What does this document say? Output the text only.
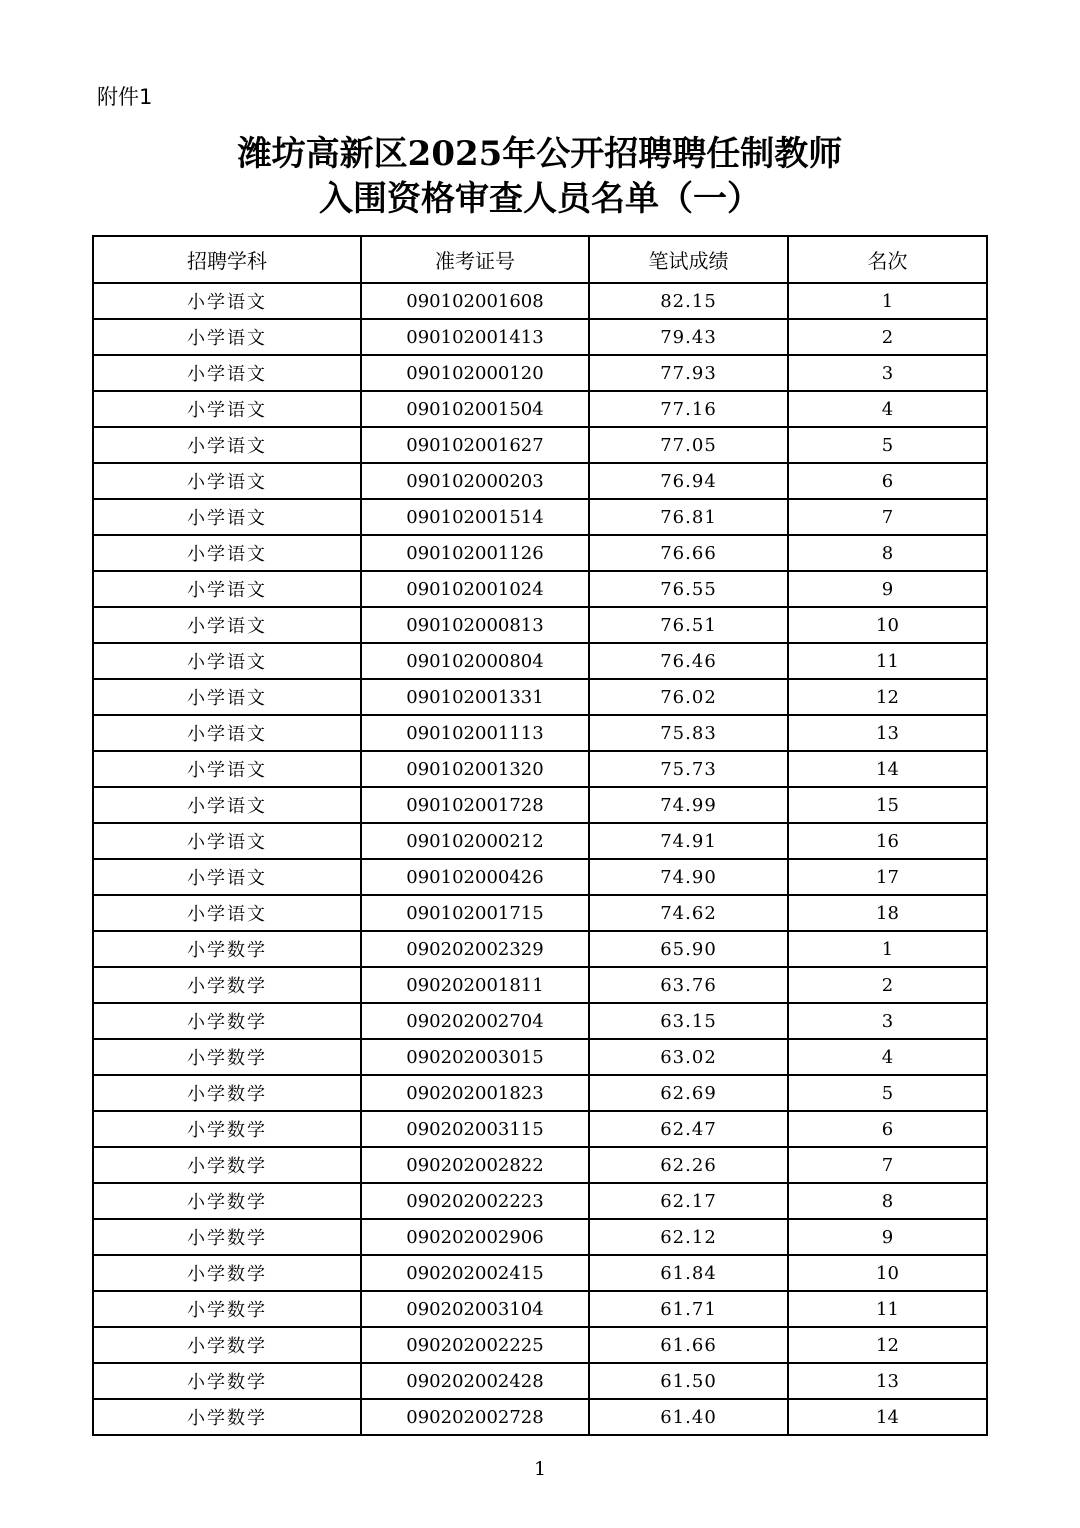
附件1
潍坊高新区2025年公开招聘聘任制教师
入围资格审查人员名单（一）
招聘学科	准考证号	笔试成绩	名次
小学语文	090102001608	82.15	1
小学语文	090102001413	79.43	2
小学语文	090102000120	77.93	3
小学语文	090102001504	77.16	4
小学语文	090102001627	77.05	5
小学语文	090102000203	76.94	6
小学语文	090102001514	76.81	7
小学语文	090102001126	76.66	8
小学语文	090102001024	76.55	9
小学语文	090102000813	76.51	10
小学语文	090102000804	76.46	11
小学语文	090102001331	76.02	12
小学语文	090102001113	75.83	13
小学语文	090102001320	75.73	14
小学语文	090102001728	74.99	15
小学语文	090102000212	74.91	16
小学语文	090102000426	74.90	17
小学语文	090102001715	74.62	18
小学数学	090202002329	65.90	1
小学数学	090202001811	63.76	2
小学数学	090202002704	63.15	3
小学数学	090202003015	63.02	4
小学数学	090202001823	62.69	5
小学数学	090202003115	62.47	6
小学数学	090202002822	62.26	7
小学数学	090202002223	62.17	8
小学数学	090202002906	62.12	9
小学数学	090202002415	61.84	10
小学数学	090202003104	61.71	11
小学数学	090202002225	61.66	12
小学数学	090202002428	61.50	13
小学数学	090202002728	61.40	14
1
